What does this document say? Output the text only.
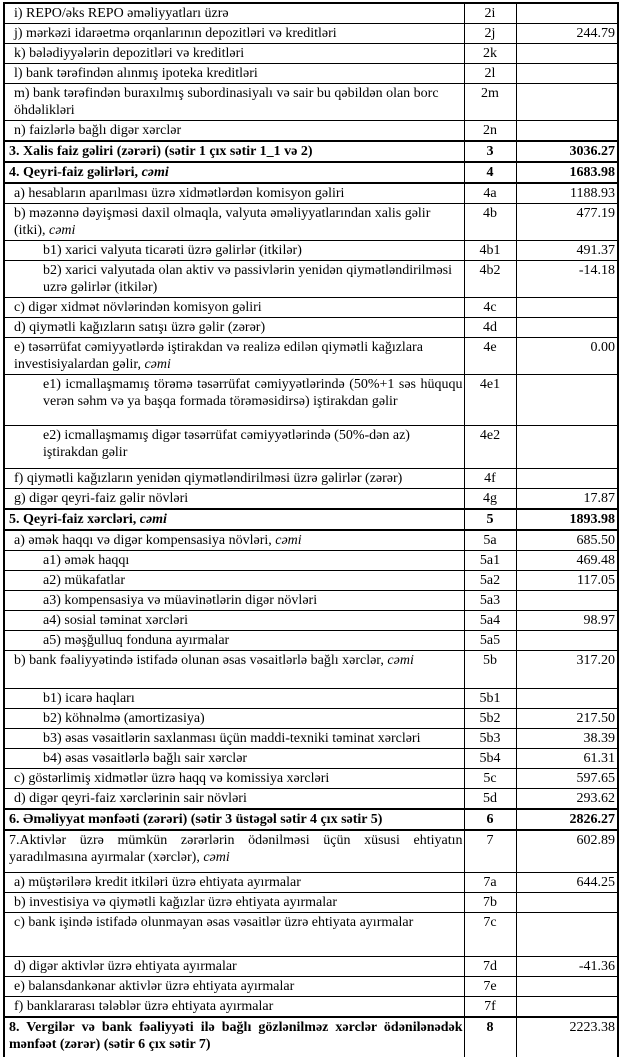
i) REPO/əks REPO əməliyyatları üzrə	2i	
j) mərkəzi idarəetmə orqanlarının depozitləri və kreditləri	2j	244.79
k) bələdiyyələrin depozitləri və kreditləri	2k	
l) bank tərəfindən alınmış ipoteka kreditləri	2l	
m) bank tərəfindən buraxılmış subordinasiyalı və sair bu qəbildən olan borc öhdəlikləri	2m	
n) faizlərlə bağlı digər xərclər	2n	
3. Xalis faiz gəliri (zərəri) (sətir 1 çıx sətir 1_1 və 2)	3	3036.27
4. Qeyri-faiz gəlirləri, cəmi	4	1683.98
a) hesabların aparılması üzrə xidmətlərdən komisyon gəliri	4a	1188.93
b) məzənnə dəyişməsi daxil olmaqla, valyuta əməliyyatlarından xalis gəlir (itki), cəmi	4b	477.19
b1) xarici valyuta ticarəti üzrə gəlirlər (itkilər)	4b1	491.37
b2) xarici valyutada olan aktiv və passivlərin yenidən qiymətləndirilməsi uzrə gəlirlər (itkilər)	4b2	-14.18
c) digər xidmət növlərindən komisyon gəliri	4c	
d) qiymətli kağızların satışı üzrə gəlir (zərər)	4d	
e) təsərrüfat cəmiyyətlərdə iştirakdan və realizə edilən qiymətli kağızlara investisiyalardan gəlir, cəmi	4e	0.00
e1) icmallaşmamış törəmə təsərrüfat cəmiyyətlərində (50%+1 səs hüququ verən səhm və ya başqa formada törəməsidirsə) iştirakdan gəlir	4e1	
e2) icmallaşmamış digər təsərrüfat cəmiyyətlərində (50%-dən az) iştirakdan gəlir	4e2	
f) qiymətli kağızların yenidən qiymətləndirilməsi üzrə gəlirlər (zərər)	4f	
g) digər qeyri-faiz gəlir növləri	4g	17.87
5. Qeyri-faiz xərcləri, cəmi	5	1893.98
a) əmək haqqı və digər kompensasiya növləri, cəmi	5a	685.50
a1) əmək haqqı	5a1	469.48
a2) mükafatlar	5a2	117.05
a3) kompensasiya və müavinətlərin digər növləri	5a3	
a4) sosial təminat xərcləri	5a4	98.97
a5) məşğulluq fonduna ayırmalar	5a5	
b) bank fəaliyyətində istifadə olunan əsas vəsaitlərlə bağlı xərclər, cəmi	5b	317.20
b1) icarə haqları	5b1	
b2) köhnəlmə (amortizasiya)	5b2	217.50
b3) əsas vəsaitlərin saxlanması üçün maddi-texniki təminat xərcləri	5b3	38.39
b4) əsas vəsaitlərlə bağlı sair xərclər	5b4	61.31
c) göstərlimiş xidmətlər üzrə haqq və komissiya xərcləri	5c	597.65
d) digər qeyri-faiz xərclərinin sair növləri	5d	293.62
6. Əməliyyat mənfəəti (zərəri) (sətir 3 üstəgəl sətir 4 çıx sətir 5)	6	2826.27
7.Aktivlər üzrə mümkün zərərlərin ödənilməsi üçün xüsusi ehtiyatın yaradılmasına ayırmalar (xərclər), cəmi	7	602.89
a) müştərilərə kredit itkiləri üzrə ehtiyata ayırmalar	7a	644.25
b) investisiya və qiymətli kağızlar üzrə ehtiyata ayırmalar	7b	
c) bank işində istifadə olunmayan əsas vəsaitlər üzrə ehtiyata ayırmalar	7c	
d) digər aktivlər üzrə ehtiyata ayırmalar	7d	-41.36
e) balansdankənar aktivlər üzrə ehtiyata ayırmalar	7e	
f) banklararası tələblər üzrə ehtiyata ayırmalar	7f	
8. Vergilər və bank fəaliyyəti ilə bağlı gözlənilməz xərclər ödənilənədək mənfəət (zərər) (sətir 6 çıx sətir 7)	8	2223.38
